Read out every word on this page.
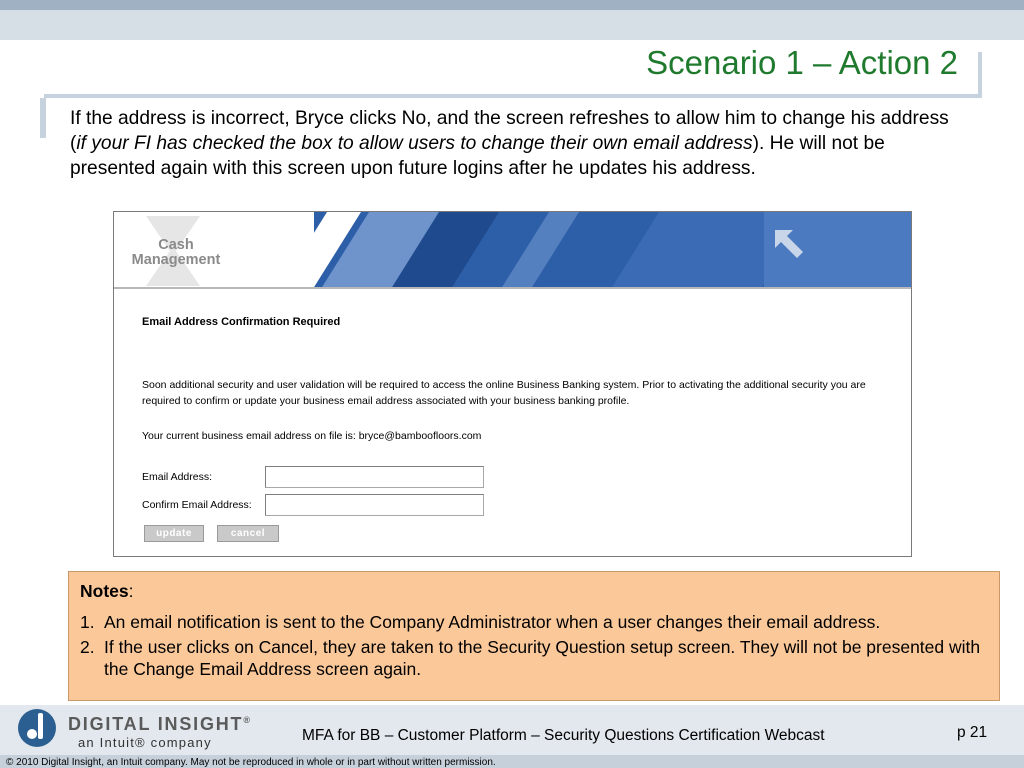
Scenario 1 – Action 2
If the address is incorrect, Bryce clicks No, and the screen refreshes to allow him to change his address (if your FI has checked the box to allow users to change their own email address). He will not be presented again with this screen upon future logins after he updates his address.
Cash
Management
Email Address Confirmation Required
Soon additional security and user validation will be required to access the online Business Banking system. Prior to activating the additional security you are required to confirm or update your business email address associated with your business banking profile.
Your current business email address on file is: bryce@bamboofloors.com
Email Address:
Confirm Email Address:
update	cancel
Notes:
1. An email notification is sent to the Company Administrator when a user changes their email address.
2. If the user clicks on Cancel, they are taken to the Security Question setup screen. They will not be presented with the Change Email Address screen again.
DIGITAL INSIGHT®
an Intuit® company	MFA for BB – Customer Platform – Security Questions Certification Webcast	p 21
© 2010 Digital Insight, an Intuit company. May not be reproduced in whole or in part without written permission.
